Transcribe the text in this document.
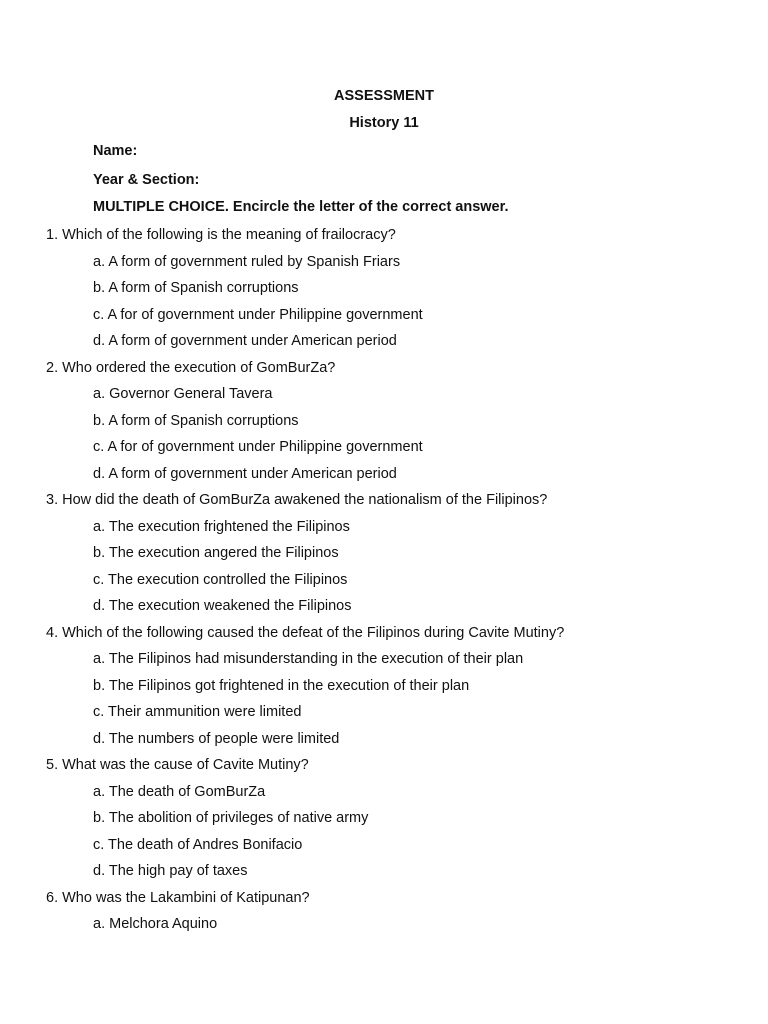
ASSESSMENT
History 11
Name:
Year & Section:
MULTIPLE CHOICE. Encircle the letter of the correct answer.
1. Which of the following is the meaning of frailocracy?
a. A form of government ruled by Spanish Friars
b. A form of Spanish corruptions
c. A for of government under Philippine government
d. A form of government under American period
2. Who ordered the execution of GomBurZa?
a. Governor General Tavera
b. A form of Spanish corruptions
c. A for of government under Philippine government
d. A form of government under American period
3. How did the death of GomBurZa awakened the nationalism of the Filipinos?
a. The execution frightened the Filipinos
b. The execution angered the Filipinos
c. The execution controlled the Filipinos
d. The execution weakened the Filipinos
4. Which of the following caused the defeat of the Filipinos during Cavite Mutiny?
a. The Filipinos had misunderstanding in the execution of their plan
b. The Filipinos got frightened in the execution of their plan
c. Their ammunition were limited
d. The numbers of people were limited
5. What was the cause of Cavite Mutiny?
a. The death of GomBurZa
b. The abolition of privileges of native army
c. The death of Andres Bonifacio
d. The high pay of taxes
6. Who was the Lakambini of Katipunan?
a. Melchora Aquino
